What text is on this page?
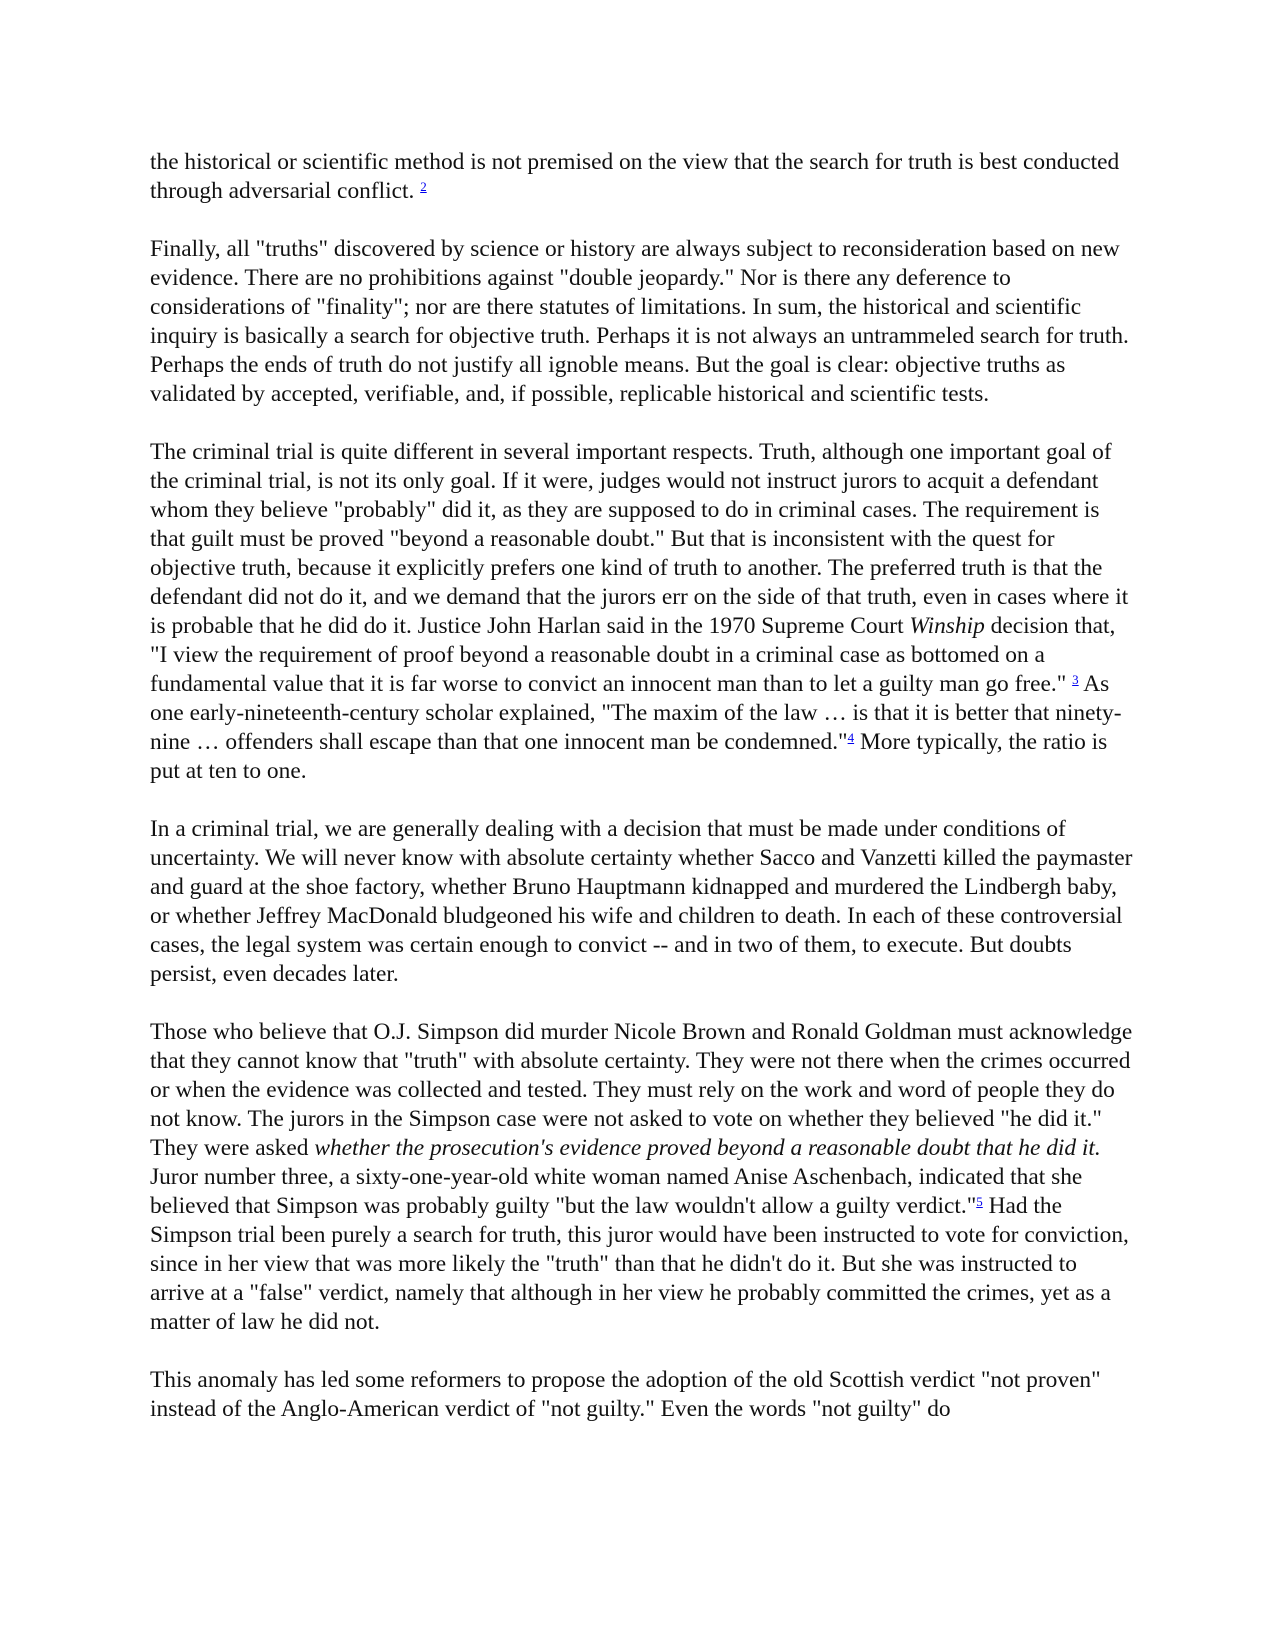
the historical or scientific method is not premised on the view that the search for truth is best conducted through adversarial conflict. $^2$

Finally, all "truths" discovered by science or history are always subject to reconsideration based on new evidence. There are no prohibitions against "double jeopardy." Nor is there any deference to considerations of "finality"; nor are there statutes of limitations. In sum, the historical and scientific inquiry is basically a search for objective truth. Perhaps it is not always an untrammeled search for truth. Perhaps the ends of truth do not justify all ignoble means. But the goal is clear: objective truths as validated by accepted, verifiable, and, if possible, replicable historical and scientific tests.

The criminal trial is quite different in several important respects. Truth, although one important goal of the criminal trial, is not its only goal. If it were, judges would not instruct jurors to acquit a defendant whom they believe "probably" did it, as they are supposed to do in criminal cases. The requirement is that guilt must be proved "beyond a reasonable doubt." But that is inconsistent with the quest for objective truth, because it explicitly prefers one kind of truth to another. The preferred truth is that the defendant did not do it, and we demand that the jurors err on the side of that truth, even in cases where it is probable that he did do it. Justice John Harlan said in the 1970 Supreme Court Winship decision that, "I view the requirement of proof beyond a reasonable doubt in a criminal case as bottomed on a fundamental value that it is far worse to convict an innocent man than to let a guilty man go free." $^3$ As one early-nineteenth-century scholar explained, "The maxim of the law … is that it is better that ninety-nine … offenders shall escape than that one innocent man be condemned."$^4$ More typically, the ratio is put at ten to one.

In a criminal trial, we are generally dealing with a decision that must be made under conditions of uncertainty. We will never know with absolute certainty whether Sacco and Vanzetti killed the paymaster and guard at the shoe factory, whether Bruno Hauptmann kidnapped and murdered the Lindbergh baby, or whether Jeffrey MacDonald bludgeoned his wife and children to death. In each of these controversial cases, the legal system was certain enough to convict -- and in two of them, to execute. But doubts persist, even decades later.

Those who believe that O.J. Simpson did murder Nicole Brown and Ronald Goldman must acknowledge that they cannot know that "truth" with absolute certainty. They were not there when the crimes occurred or when the evidence was collected and tested. They must rely on the work and word of people they do not know. The jurors in the Simpson case were not asked to vote on whether they believed "he did it." They were asked whether the prosecution's evidence proved beyond a reasonable doubt that he did it. Juror number three, a sixty-one-year-old white woman named Anise Aschenbach, indicated that she believed that Simpson was probably guilty "but the law wouldn't allow a guilty verdict."$^5$ Had the Simpson trial been purely a search for truth, this juror would have been instructed to vote for conviction, since in her view that was more likely the "truth" than that he didn't do it. But she was instructed to arrive at a "false" verdict, namely that although in her view he probably committed the crimes, yet as a matter of law he did not.

This anomaly has led some reformers to propose the adoption of the old Scottish verdict "not proven" instead of the Anglo-American verdict of "not guilty." Even the words "not guilty" do
